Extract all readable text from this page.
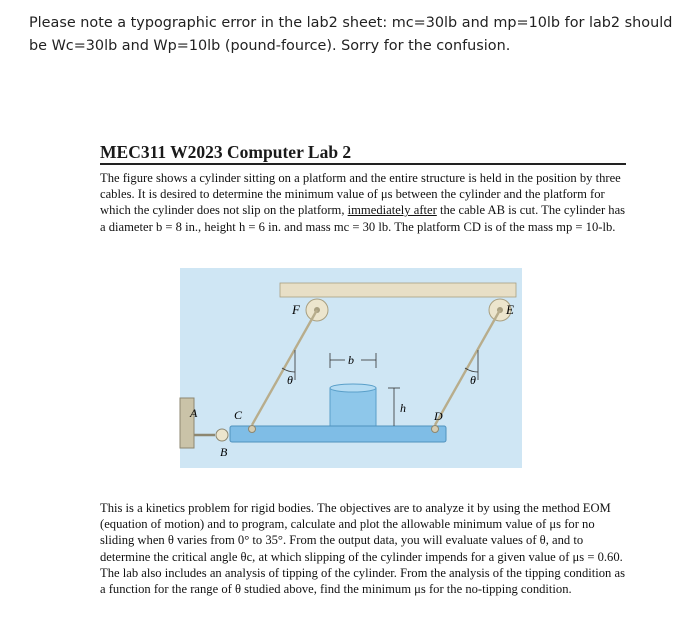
Please note a typographic error in the lab2 sheet: mc=30lb and mp=10lb for lab2 should be Wc=30lb and Wp=10lb (pound-fource). Sorry for the confusion.
MEC311 W2023 Computer Lab 2
The figure shows a cylinder sitting on a platform and the entire structure is held in the position by three cables. It is desired to determine the minimum value of μs between the cylinder and the platform for which the cylinder does not slip on the platform, immediately after the cable AB is cut. The cylinder has a diameter b = 8 in., height h = 6 in. and mass mc = 30 lb. The platform CD is of the mass mp = 10-lb.
F	E
θ	θ
b
h
A	C	D
B
This is a kinetics problem for rigid bodies. The objectives are to analyze it by using the method EOM (equation of motion) and to program, calculate and plot the allowable minimum value of μs for no sliding when θ varies from 0° to 35°. From the output data, you will evaluate values of θ, and to determine the critical angle θc, at which slipping of the cylinder impends for a given value of μs = 0.60. The lab also includes an analysis of tipping of the cylinder. From the analysis of the tipping condition as a function for the range of θ studied above, find the minimum μs for the no-tipping condition.
